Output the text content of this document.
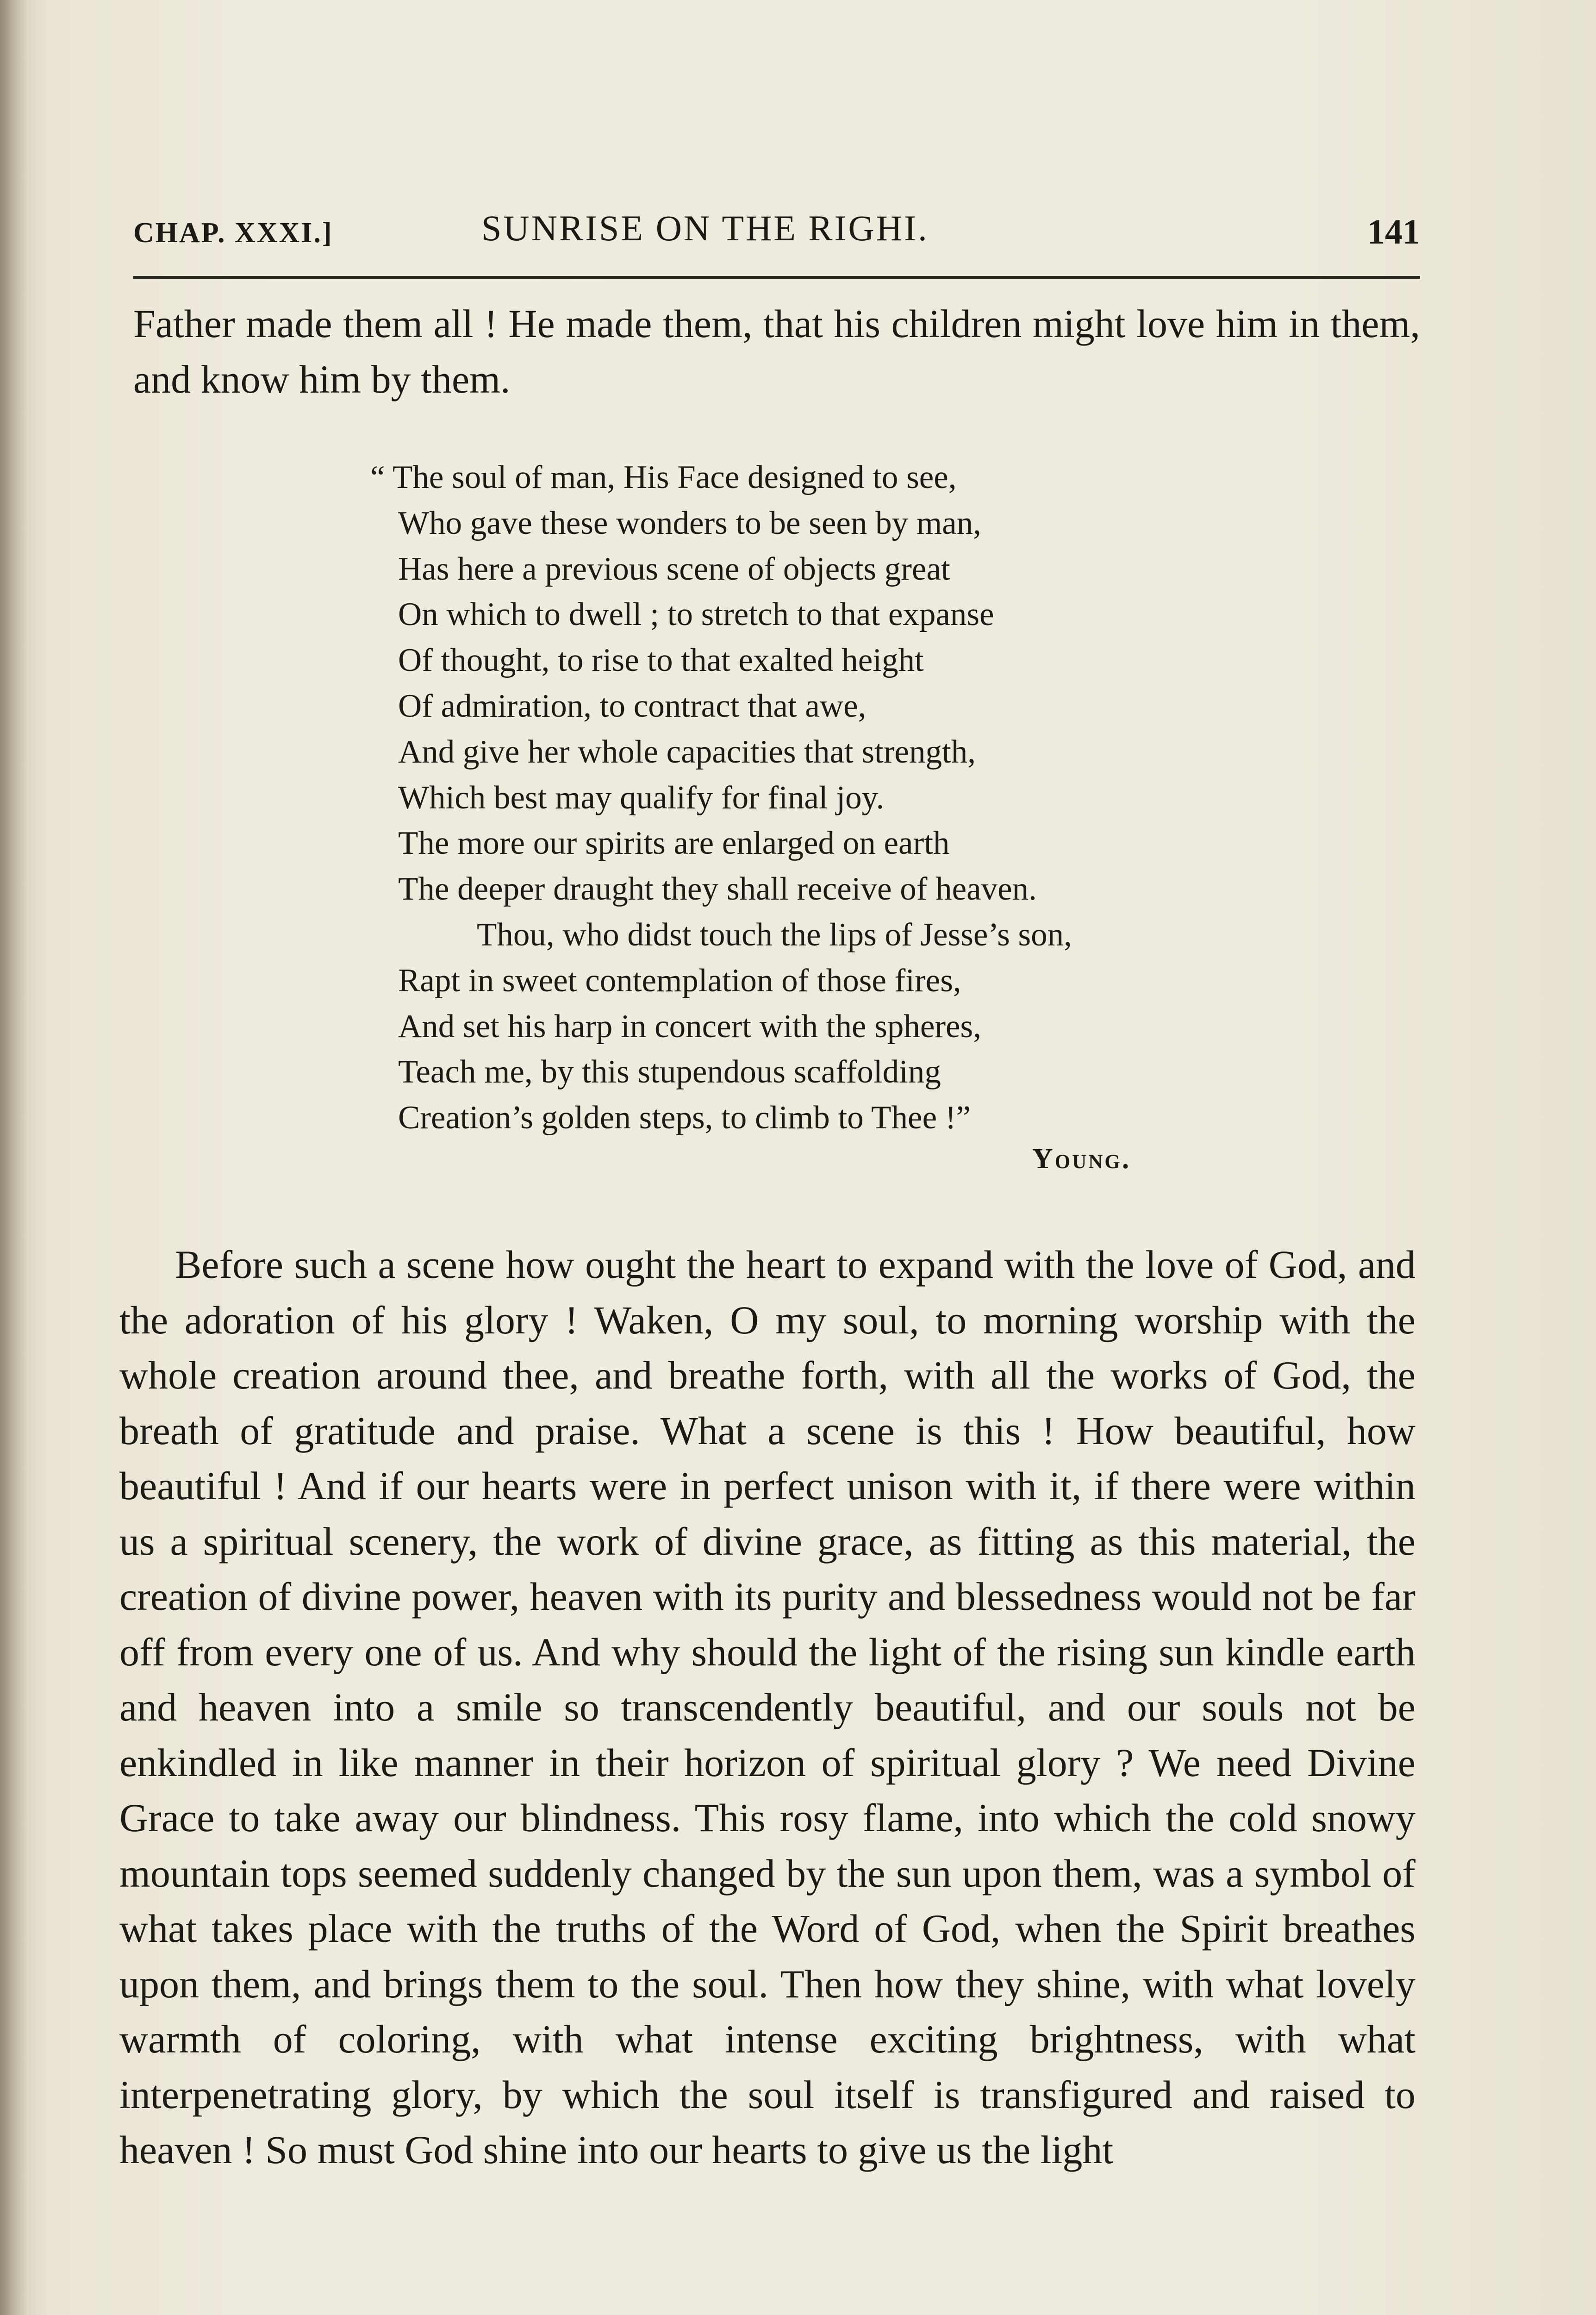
CHAP. XXXI.]	SUNRISE ON THE RIGHI.	141

Father made them all ! He made them, that his children might love him in them, and know him by them.

“ The soul of man, His Face designed to see,
Who gave these wonders to be seen by man,
Has here a previous scene of objects great
On which to dwell ; to stretch to that expanse
Of thought, to rise to that exalted height
Of admiration, to contract that awe,
And give her whole capacities that strength,
Which best may qualify for final joy.
The more our spirits are enlarged on earth
The deeper draught they shall receive of heaven.
Thou, who didst touch the lips of Jesse’s son,
Rapt in sweet contemplation of those fires,
And set his harp in concert with the spheres,
Teach me, by this stupendous scaffolding
Creation’s golden steps, to climb to Thee !”
Young.

Before such a scene how ought the heart to expand with the love of God, and the adoration of his glory ! Waken, O my soul, to morning worship with the whole creation around thee, and breathe forth, with all the works of God, the breath of gratitude and praise. What a scene is this ! How beautiful, how beautiful ! And if our hearts were in perfect unison with it, if there were within us a spiritual scenery, the work of divine grace, as fitting as this material, the creation of divine power, heaven with its purity and blessedness would not be far off from every one of us. And why should the light of the rising sun kindle earth and heaven into a smile so transcendently beautiful, and our souls not be enkindled in like manner in their horizon of spiritual glory ? We need Divine Grace to take away our blindness. This rosy flame, into which the cold snowy mountain tops seemed suddenly changed by the sun upon them, was a symbol of what takes place with the truths of the Word of God, when the Spirit breathes upon them, and brings them to the soul. Then how they shine, with what lovely warmth of coloring, with what intense exciting brightness, with what interpenetrating glory, by which the soul itself is transfigured and raised to heaven ! So must God shine into our hearts to give us the light
